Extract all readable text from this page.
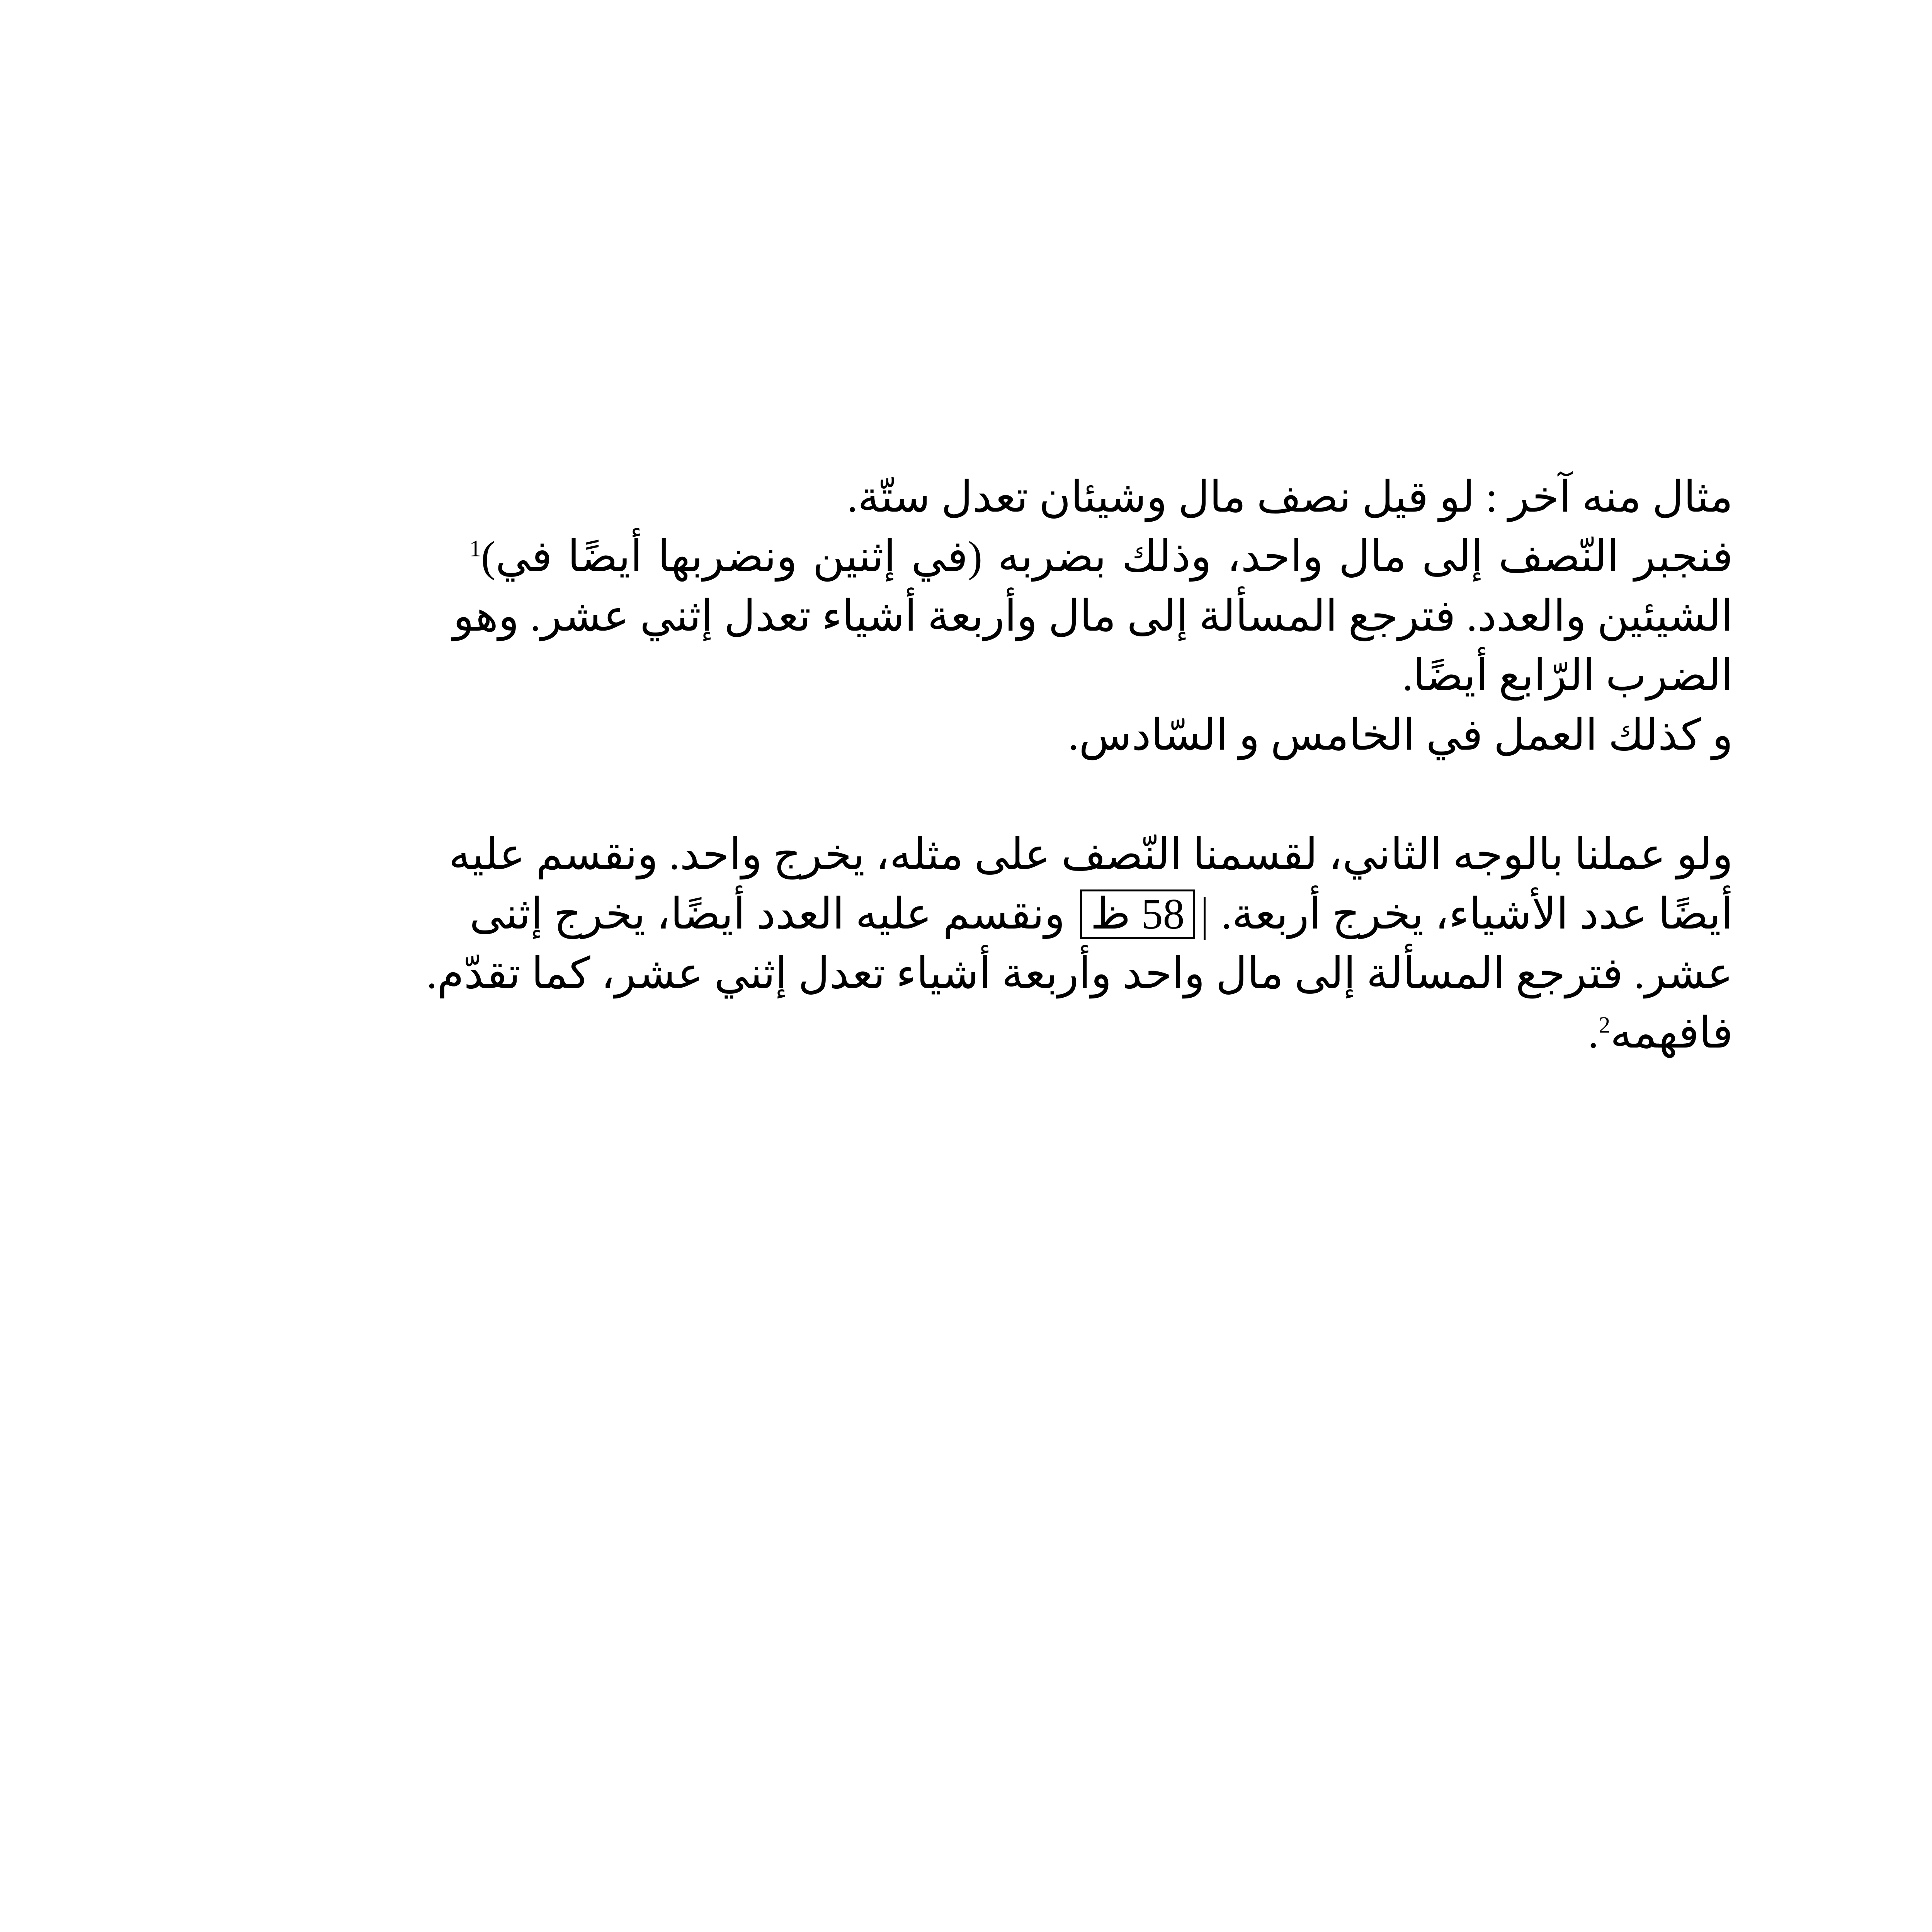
مثال منه آخر : لو قيل نصف مال وشيئان تعدل ستّة.
فنجبر النّصف إلى مال واحد، وذلك بضربه (في إثنين ونضربها أيضًا في)$^1$
الشيئين والعدد. فترجع المسألة إلى مال وأربعة أشياء تعدل إثني عشر. وهو
الضرب الرّابع أيضًا.
و كذلك العمل في الخامس و السّادس.
ولو عملنا بالوجه الثاني، لقسمنا النّصف على مثله، يخرج واحد. ونقسم عليه
أيضًا عدد الأشياء، يخرج أربعة. 58 ظ ونقسم عليه العدد أيضًا، يخرج إثنى
عشر. فترجع المسألة إلى مال واحد وأربعة أشياء تعدل إثني عشر، كما تقدّم.
فافهمه$^2$.
